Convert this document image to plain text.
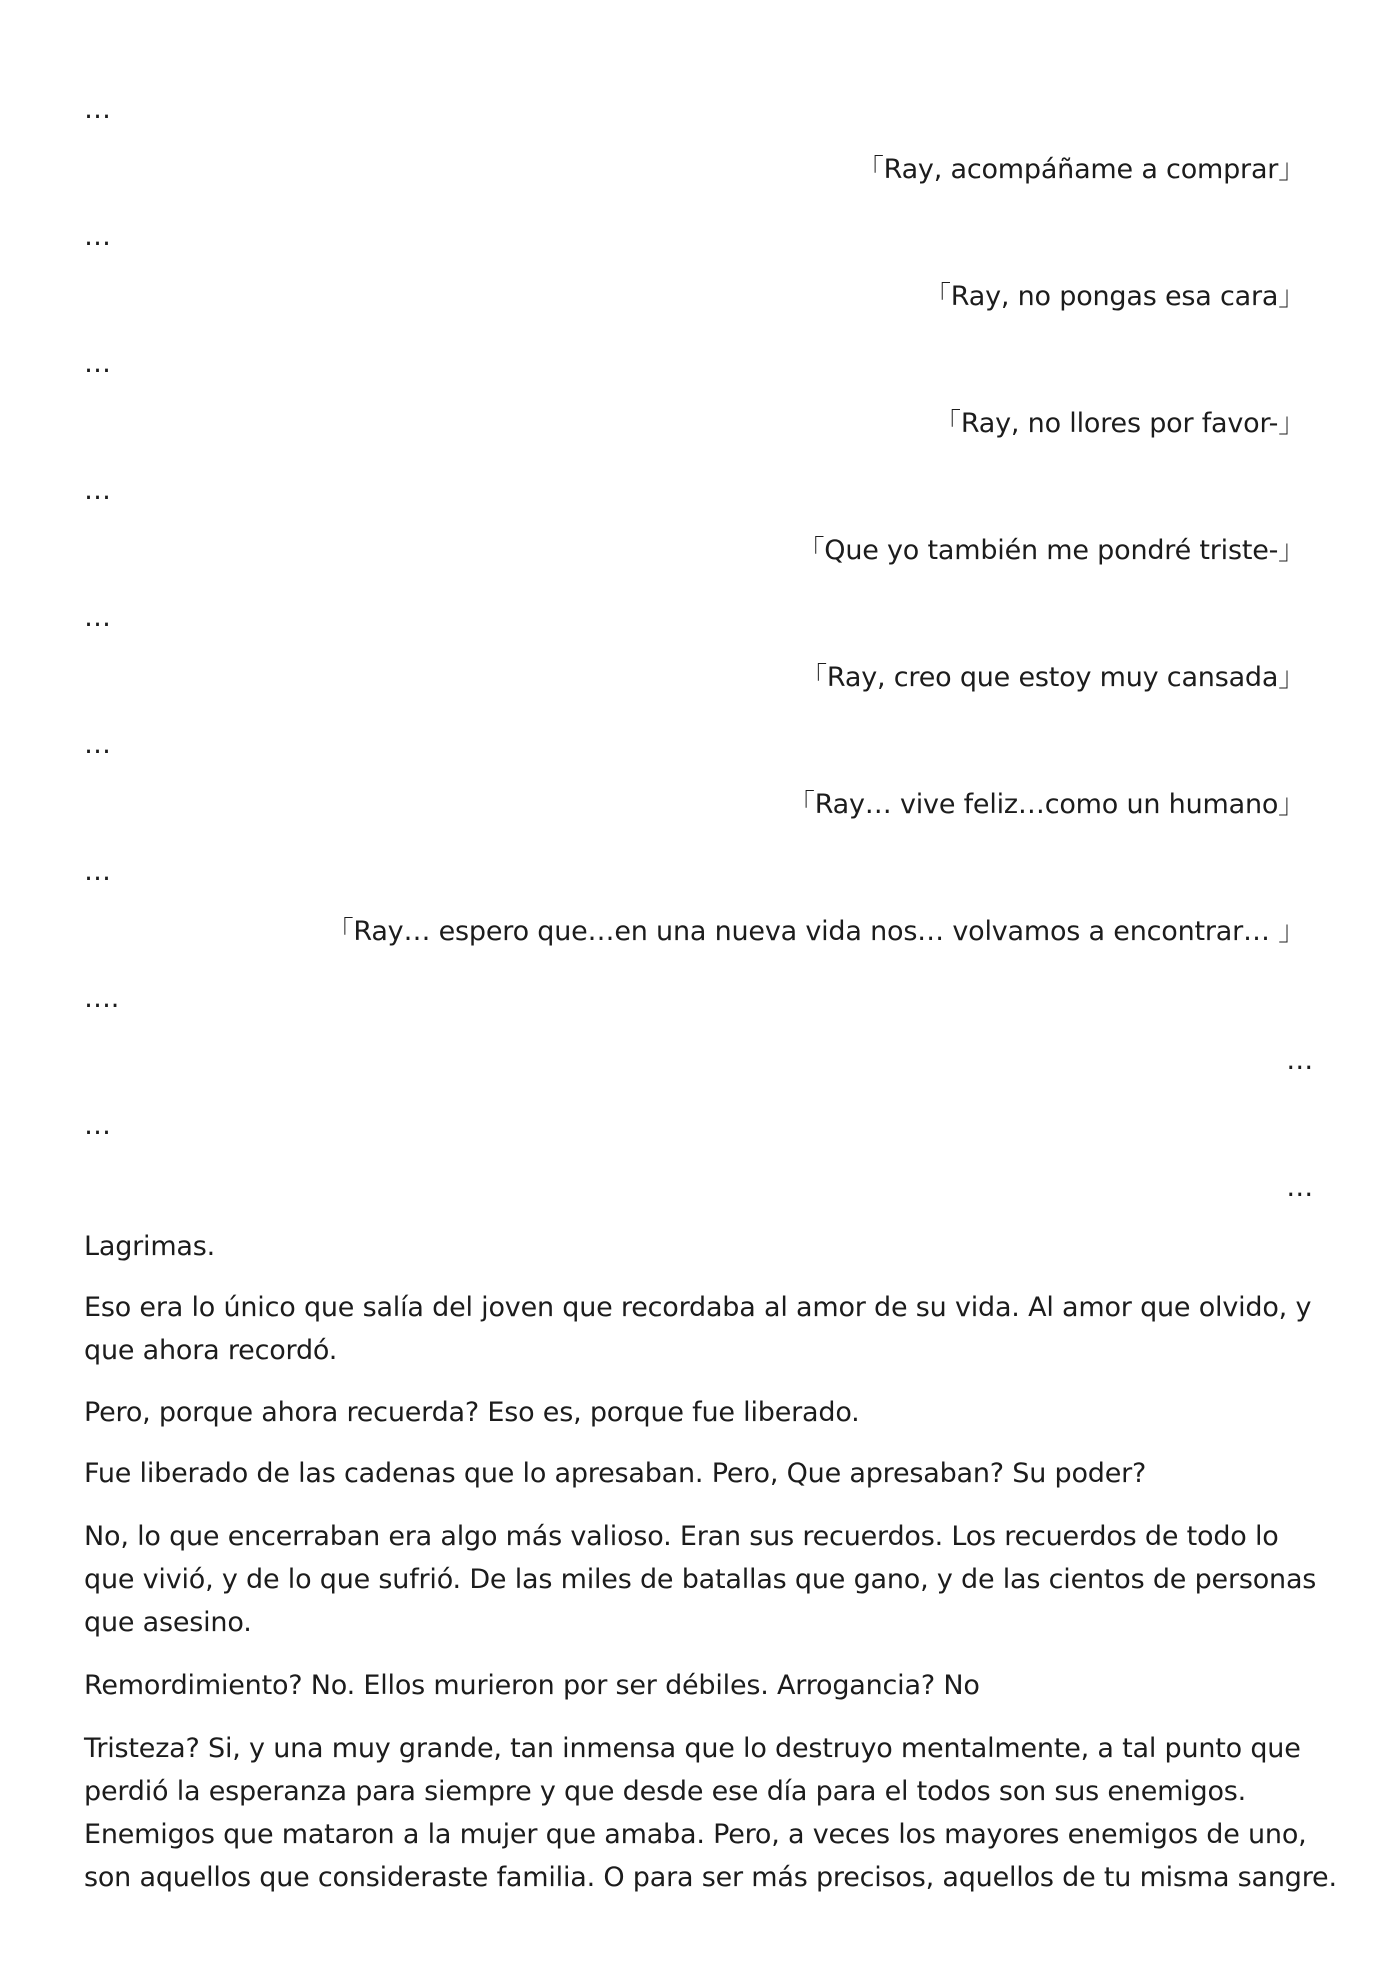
…
「Ray, acompáñame a comprar」
…
「Ray, no pongas esa cara」
…
「Ray, no llores por favor-」
…
「Que yo también me pondré triste-」
…
「Ray, creo que estoy muy cansada」
…
「Ray… vive feliz…como un humano」
…
「Ray… espero que…en una nueva vida nos… volvamos a encontrar… 」
….
…
…
…
Lagrimas.
Eso era lo único que salía del joven que recordaba al amor de su vida. Al amor que olvido, y
que ahora recordó.
Pero, porque ahora recuerda? Eso es, porque fue liberado.
Fue liberado de las cadenas que lo apresaban. Pero, Que apresaban? Su poder?
No, lo que encerraban era algo más valioso. Eran sus recuerdos. Los recuerdos de todo lo
que vivió, y de lo que sufrió. De las miles de batallas que gano, y de las cientos de personas
que asesino.
Remordimiento? No. Ellos murieron por ser débiles. Arrogancia? No
Tristeza? Si, y una muy grande, tan inmensa que lo destruyo mentalmente, a tal punto que
perdió la esperanza para siempre y que desde ese día para el todos son sus enemigos.
Enemigos que mataron a la mujer que amaba. Pero, a veces los mayores enemigos de uno,
son aquellos que consideraste familia. O para ser más precisos, aquellos de tu misma sangre.
